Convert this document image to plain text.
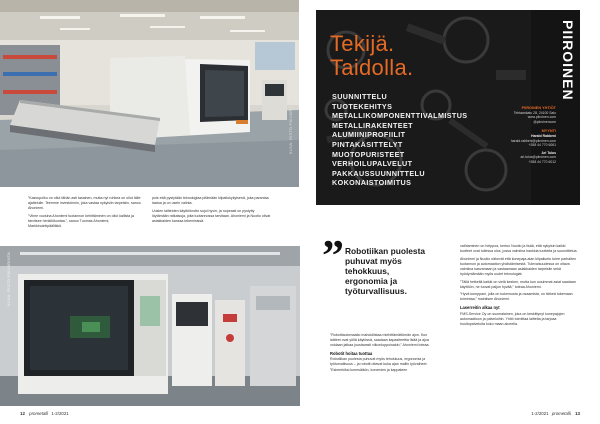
KUVA: RISTO PÄIVÄRINTA

”Kasvupolku on ollut tähän asti tasainen, mutta nyt rohkea on ollut tälle ajattelulle. Teemme investoinnin, joka vastaa nykyisiin tarpeisiin, sanoo Ahoniemi.

”Viime vuosina Ahoniemi tuotannon kehittäminen on ollut kallista ja tarvitsee henkilökuntaa.”, sanoo Tuomas Ahoniemi, Markkinointipäällikkö.

pois että pystytään teknologiaa pitämään kilpailukykyisenä, joka parantaa laatua ja on usein valinta.

Uusien laitteiden käyttöönotto sujui hyvin, ja nopeasti on pystytty löytämään ratkaisuja, joita tuotannossa tarvitaan. Ahoniemi ja Nuotio olivat asiakkaiden kanssa tekemisissä.

Tekijä.
Taidolla.
SUUNNITTELU
TUOTEKEHITYS
METALLIKOMPONENTTIVALMISTUS
METALLIRAKENTEET
ALUMIINIPROFIILIT
PINTAKÄSITTELYT
MUOTOPURISTEET
VERHOILUPALVELUT
PAKKAUSSUUNNITTELU
KOKONAISTOIMITUS
PIIROINEN
PIIROINEN YHTIÖT
Tehtaankatu 28, 24100 Salo
www.piiroinen.com
@piiroinencom
MYYNTI
Harald Rabbeni
harald.rabbeni@piiroinen.com
+358 44 770 6061
Ari Tulus
ari.tulus@piiroinen.com
+358 44 770 6012
KUVA: RISTO PÄIVÄRINTA	” Robotiikan puolesta puhuvat myös tehokkuus, ergonomia ja työturvallisuus.

”Robottiautomaatio mahdollistaa miehittämättömän ajon. Kun laitteet ovat yöllä käytössä, saadaan kapasiteettia lisää ja ajoa voidaan jatkaa joustavasti viikonloppuinakin,” Ahoniemi toteaa.

Robotit hoitaa tuottaa

Robotiikan puolesta puhuvat myös tehokkuus, ergonomia ja työturvallisuus – ja robotit ottavat kuka ajan mallin työvaiheet. ”Esimerkiksi konesäikön, konemies ja kappaleen

vaihtaminen on helppoa, kertoo Nuotio ja lisää, että nykyisin kaikki tuotteet ovat tullessa ulos, jossa valmiina hankkia tuotteita ja suunnittelua.

Ahoniemi ja Nuotio näkevät että konepaja-alan kilpailuetu tulee parhaiten tuotannon ja automaation yhdistämisestä. Tulevaisuudessa on oltava valmiina kasvamaan ja vastaamaan asiakkaiden tarpeisiin sekä hyödyntämään myös uudet teknologiat.

”Tällä hetkellä kaikki on vielä kesken, mutta kun uusimmat asiat saadaan käyttöön, ne tuovat paljon hyvää,” toteaa Ahoniemi.

”Hyvä kumppani, jolla on kokemusta ja osaamista, on tärkeä tukemaan toimintaa,” mainitsee Ahoniemi.

Laserreitin alkaa nyt

FMS-Service Oy on suomalainen, joka on keskittynyt konepajojen automaatioon ja palveluihin. Yhtiö toimittaa laitteita ja tarjoaa huoltopalveluita koko maan alueella.

12 prometalli 1-2/2021	1-2/2021 prometalli 13
